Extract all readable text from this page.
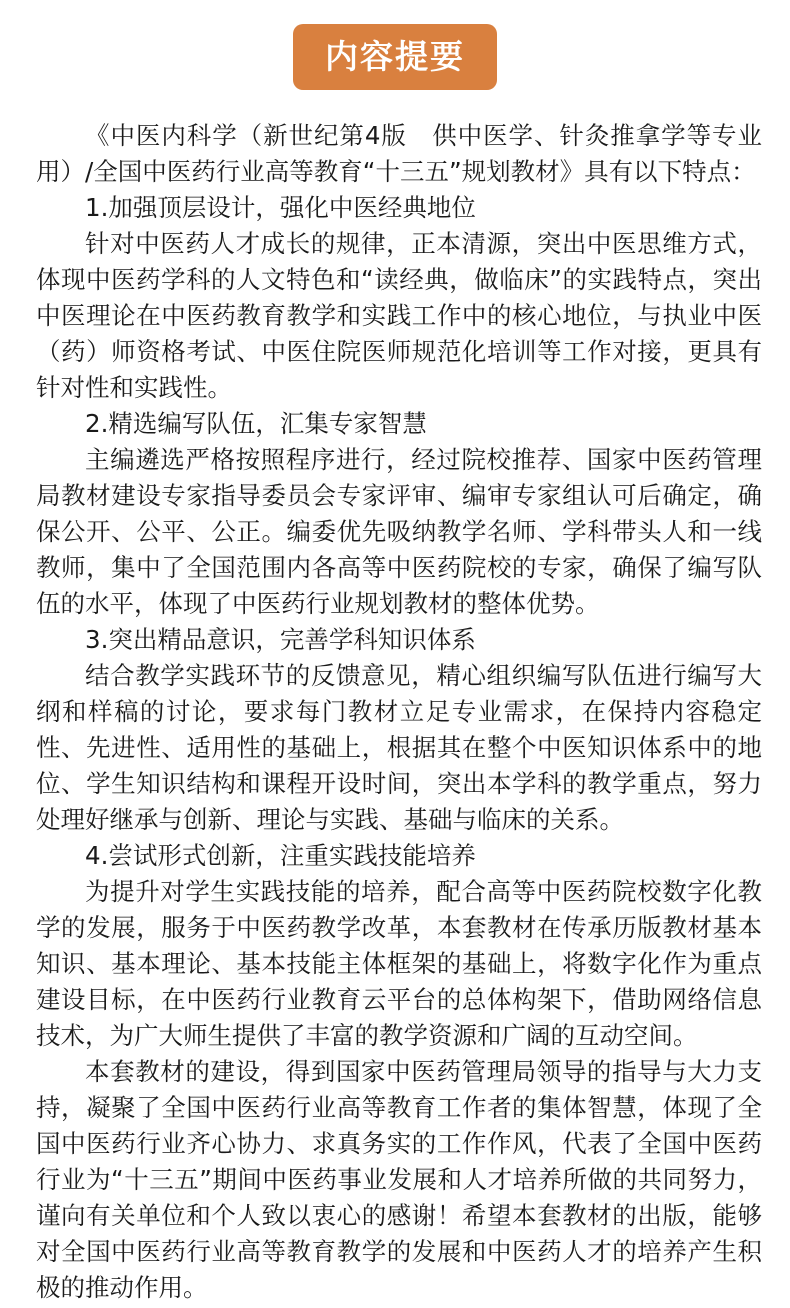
内容提要

《中医内科学（新世纪第4版　供中医学、针灸推拿学等专业用）/全国中医药行业高等教育“十三五”规划教材》具有以下特点：

1.加强顶层设计，强化中医经典地位

针对中医药人才成长的规律，正本清源，突出中医思维方式，体现中医药学科的人文特色和“读经典，做临床”的实践特点，突出中医理论在中医药教育教学和实践工作中的核心地位，与执业中医（药）师资格考试、中医住院医师规范化培训等工作对接，更具有针对性和实践性。

2.精选编写队伍，汇集专家智慧

主编遴选严格按照程序进行，经过院校推荐、国家中医药管理局教材建设专家指导委员会专家评审、编审专家组认可后确定，确保公开、公平、公正。编委优先吸纳教学名师、学科带头人和一线教师，集中了全国范围内各高等中医药院校的专家，确保了编写队伍的水平，体现了中医药行业规划教材的整体优势。

3.突出精品意识，完善学科知识体系

结合教学实践环节的反馈意见，精心组织编写队伍进行编写大纲和样稿的讨论，要求每门教材立足专业需求，在保持内容稳定性、先进性、适用性的基础上，根据其在整个中医知识体系中的地位、学生知识结构和课程开设时间，突出本学科的教学重点，努力处理好继承与创新、理论与实践、基础与临床的关系。

4.尝试形式创新，注重实践技能培养

为提升对学生实践技能的培养，配合高等中医药院校数字化教学的发展，服务于中医药教学改革，本套教材在传承历版教材基本知识、基本理论、基本技能主体框架的基础上，将数字化作为重点建设目标，在中医药行业教育云平台的总体构架下，借助网络信息技术，为广大师生提供了丰富的教学资源和广阔的互动空间。

本套教材的建设，得到国家中医药管理局领导的指导与大力支持，凝聚了全国中医药行业高等教育工作者的集体智慧，体现了全国中医药行业齐心协力、求真务实的工作作风，代表了全国中医药行业为“十三五”期间中医药事业发展和人才培养所做的共同努力，谨向有关单位和个人致以衷心的感谢！希望本套教材的出版，能够对全国中医药行业高等教育教学的发展和中医药人才的培养产生积极的推动作用。
